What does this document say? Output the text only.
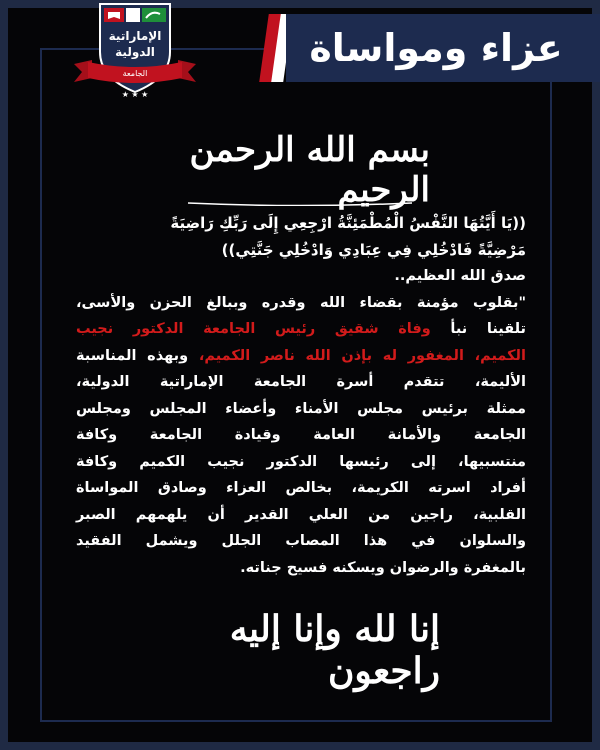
عزاء ومواساة
الإماراتية
الدولية
الجامعة
★ ★ ★
بسم الله الرحمن الرحيم
((يَا أَيَّتُهَا النَّفْسُ الْمُطْمَئِنَّةُ ارْجِعِي إِلَى رَبِّكِ رَاضِيَةً
مَرْضِيَّةً فَادْخُلِي فِي عِبَادِي وَادْخُلِي جَنَّتِي))
صدق الله العظيم..
"بقلوب مؤمنة بقضاء الله وقدره وببالغ الحزن والأسى،
تلقينا نبأ وفاة شقيق رئيس الجامعة الدكتور نجيب
الكميم، المغفور له بإذن الله ناصر الكميم، وبهذه المناسبة
الأليمة، تتقدم أسرة الجامعة الإماراتية الدولية،
ممثلة برئيس مجلس الأمناء وأعضاء المجلس ومجلس
الجامعة والأمانة العامة وقيادة الجامعة وكافة
منتسبيها، إلى رئيسها الدكتور نجيب الكميم وكافة
أفراد اسرته الكريمة، بخالص العزاء وصادق المواساة
القلبية، راجين من العلي القدير أن يلهمهم الصبر
والسلوان في هذا المصاب الجلل ويشمل الفقيد
بالمغفرة والرضوان ويسكنه فسيح جناته.
إنا لله وإنا إليه راجعون
